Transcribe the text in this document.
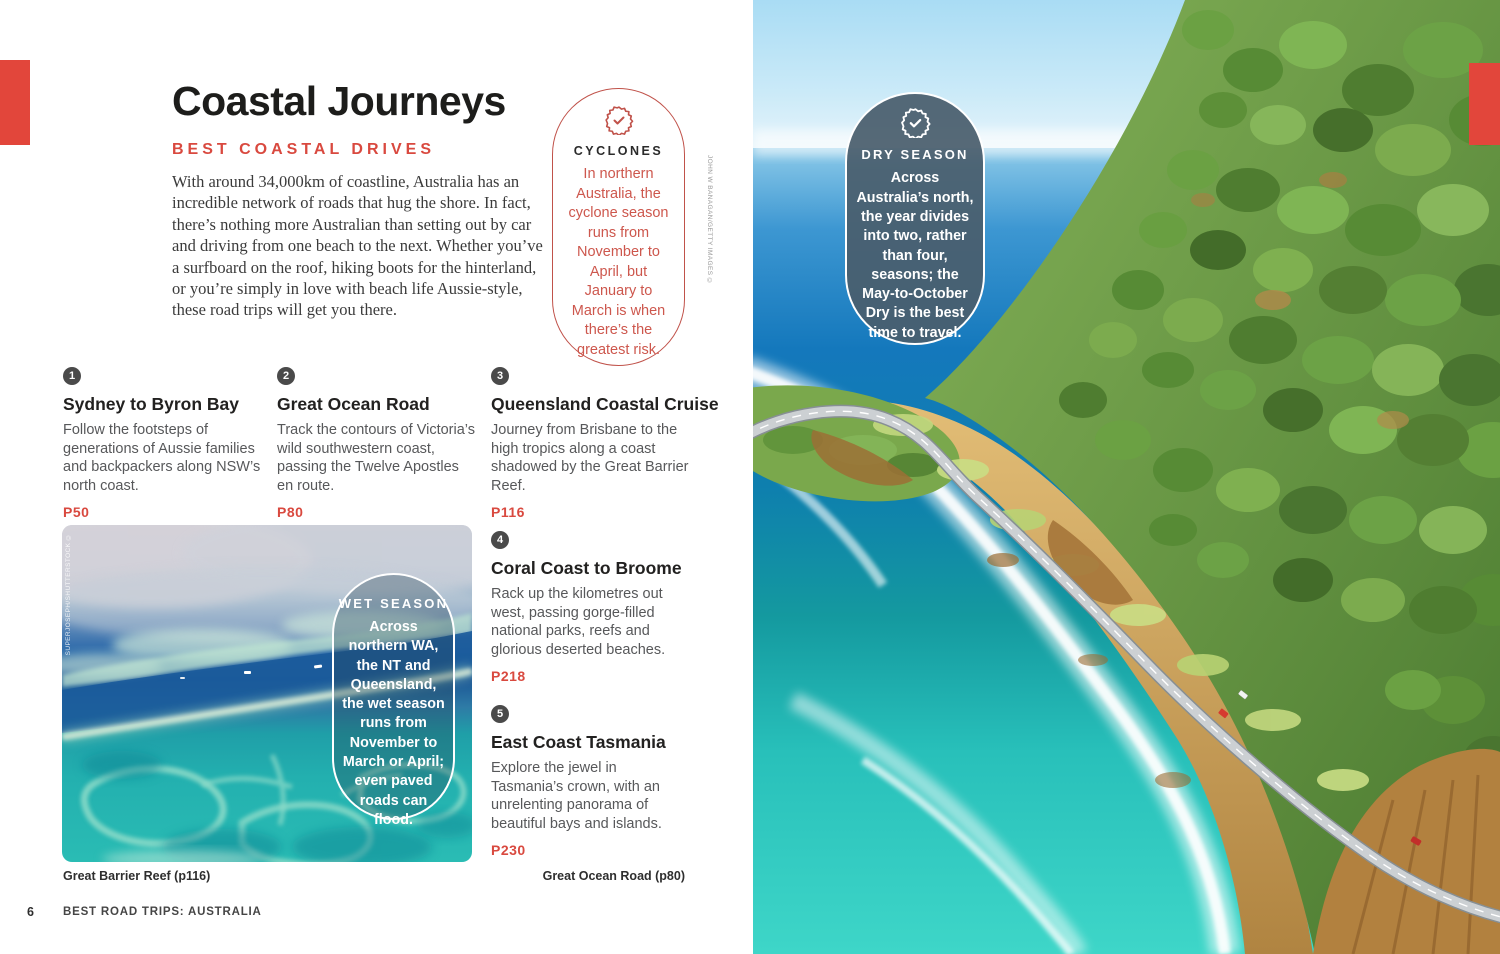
Coastal Journeys
BEST COASTAL DRIVES

With around 34,000km of coastline, Australia has an incredible network of roads that hug the shore. In fact, there’s nothing more Australian than setting out by car and driving from one beach to the next. Whether you’ve a surfboard on the roof, hiking boots for the hinterland, or you’re simply in love with beach life Aussie-style, these road trips will get you there.

CYCLONES
In northern Australia, the cyclone season runs from November to April, but January to March is when there’s the greatest risk.
JOHN W BANAGAN/GETTY IMAGES ©
1
Sydney to Byron Bay

Follow the footsteps of generations of Aussie families and backpackers along NSW’s north coast.

P50
2
Great Ocean Road

Track the contours of Victoria’s wild southwestern coast, passing the Twelve Apostles en route.

P80
3
Queensland Coastal Cruise

Journey from Brisbane to the high tropics along a coast shadowed by the Great Barrier Reef.

P116
4
Coral Coast to Broome

Rack up the kilometres out west, passing gorge-filled national parks, reefs and glorious deserted beaches.

P218
5
East Coast Tasmania

Explore the jewel in Tasmania’s crown, with an unrelenting panorama of beautiful bays and islands.

P230
SUPERJOSEPH/SHUTTERSTOCK ©	WET SEASON
Across northern WA, the NT and Queensland, the wet season runs from November to March or April; even paved roads can flood.
Great Barrier Reef (p116)	Great Ocean Road (p80)
6	BEST ROAD TRIPS: AUSTRALIA
DRY SEASON
Across Australia’s north, the year divides into two, rather than four, seasons; the May-to-October Dry is the best time to travel.
